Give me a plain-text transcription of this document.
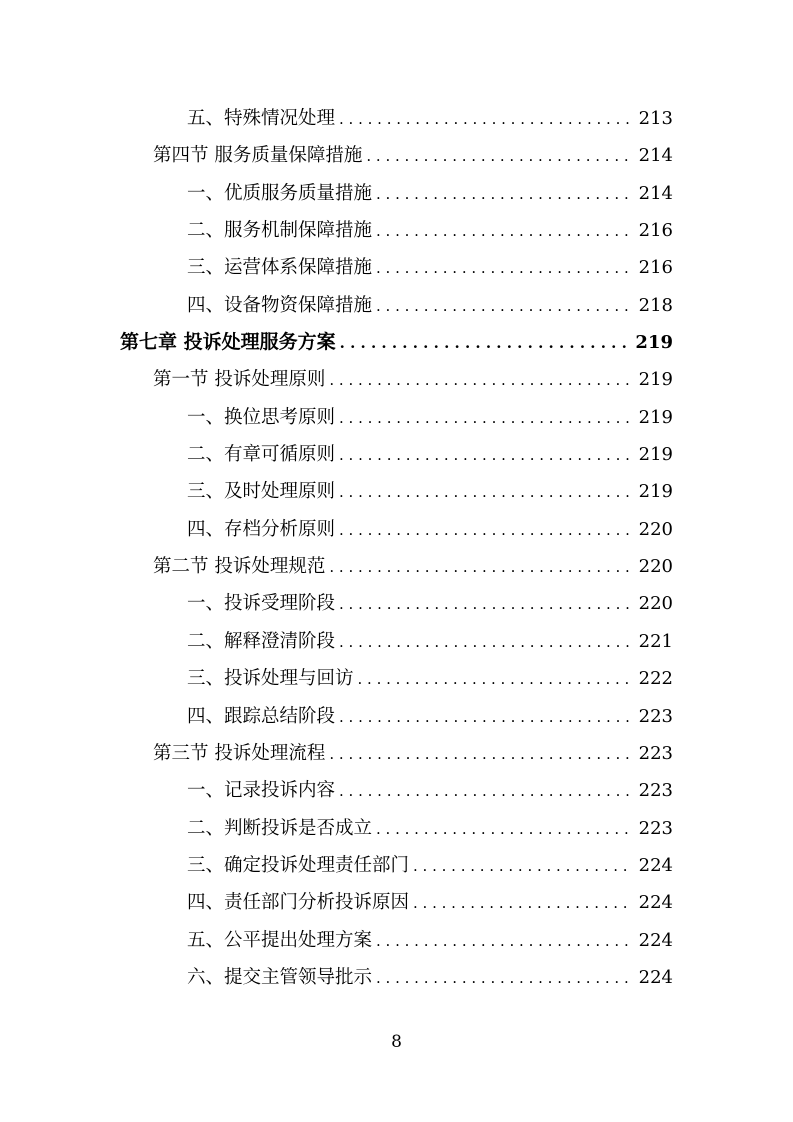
五、特殊情况处理 . . .	213
第四节 服务质量保障措施 . . .	214
一、优质服务质量措施 . . .	214
二、服务机制保障措施 . . .	216
三、运营体系保障措施 . . .	216
四、设备物资保障措施 . . .	218
第七章 投诉处理服务方案 . . .	219
第一节 投诉处理原则 . . .	219
一、换位思考原则 . . .	219
二、有章可循原则 . . .	219
三、及时处理原则 . . .	219
四、存档分析原则 . . .	220
第二节 投诉处理规范 . . .	220
一、投诉受理阶段 . . .	220
二、解释澄清阶段 . . .	221
三、投诉处理与回访 . . .	222
四、跟踪总结阶段 . . .	223
第三节 投诉处理流程 . . .	223
一、记录投诉内容 . . .	223
二、判断投诉是否成立 . . .	223
三、确定投诉处理责任部门 . . .	224
四、责任部门分析投诉原因 . . .	224
五、公平提出处理方案 . . .	224
六、提交主管领导批示 . . .	224
8
